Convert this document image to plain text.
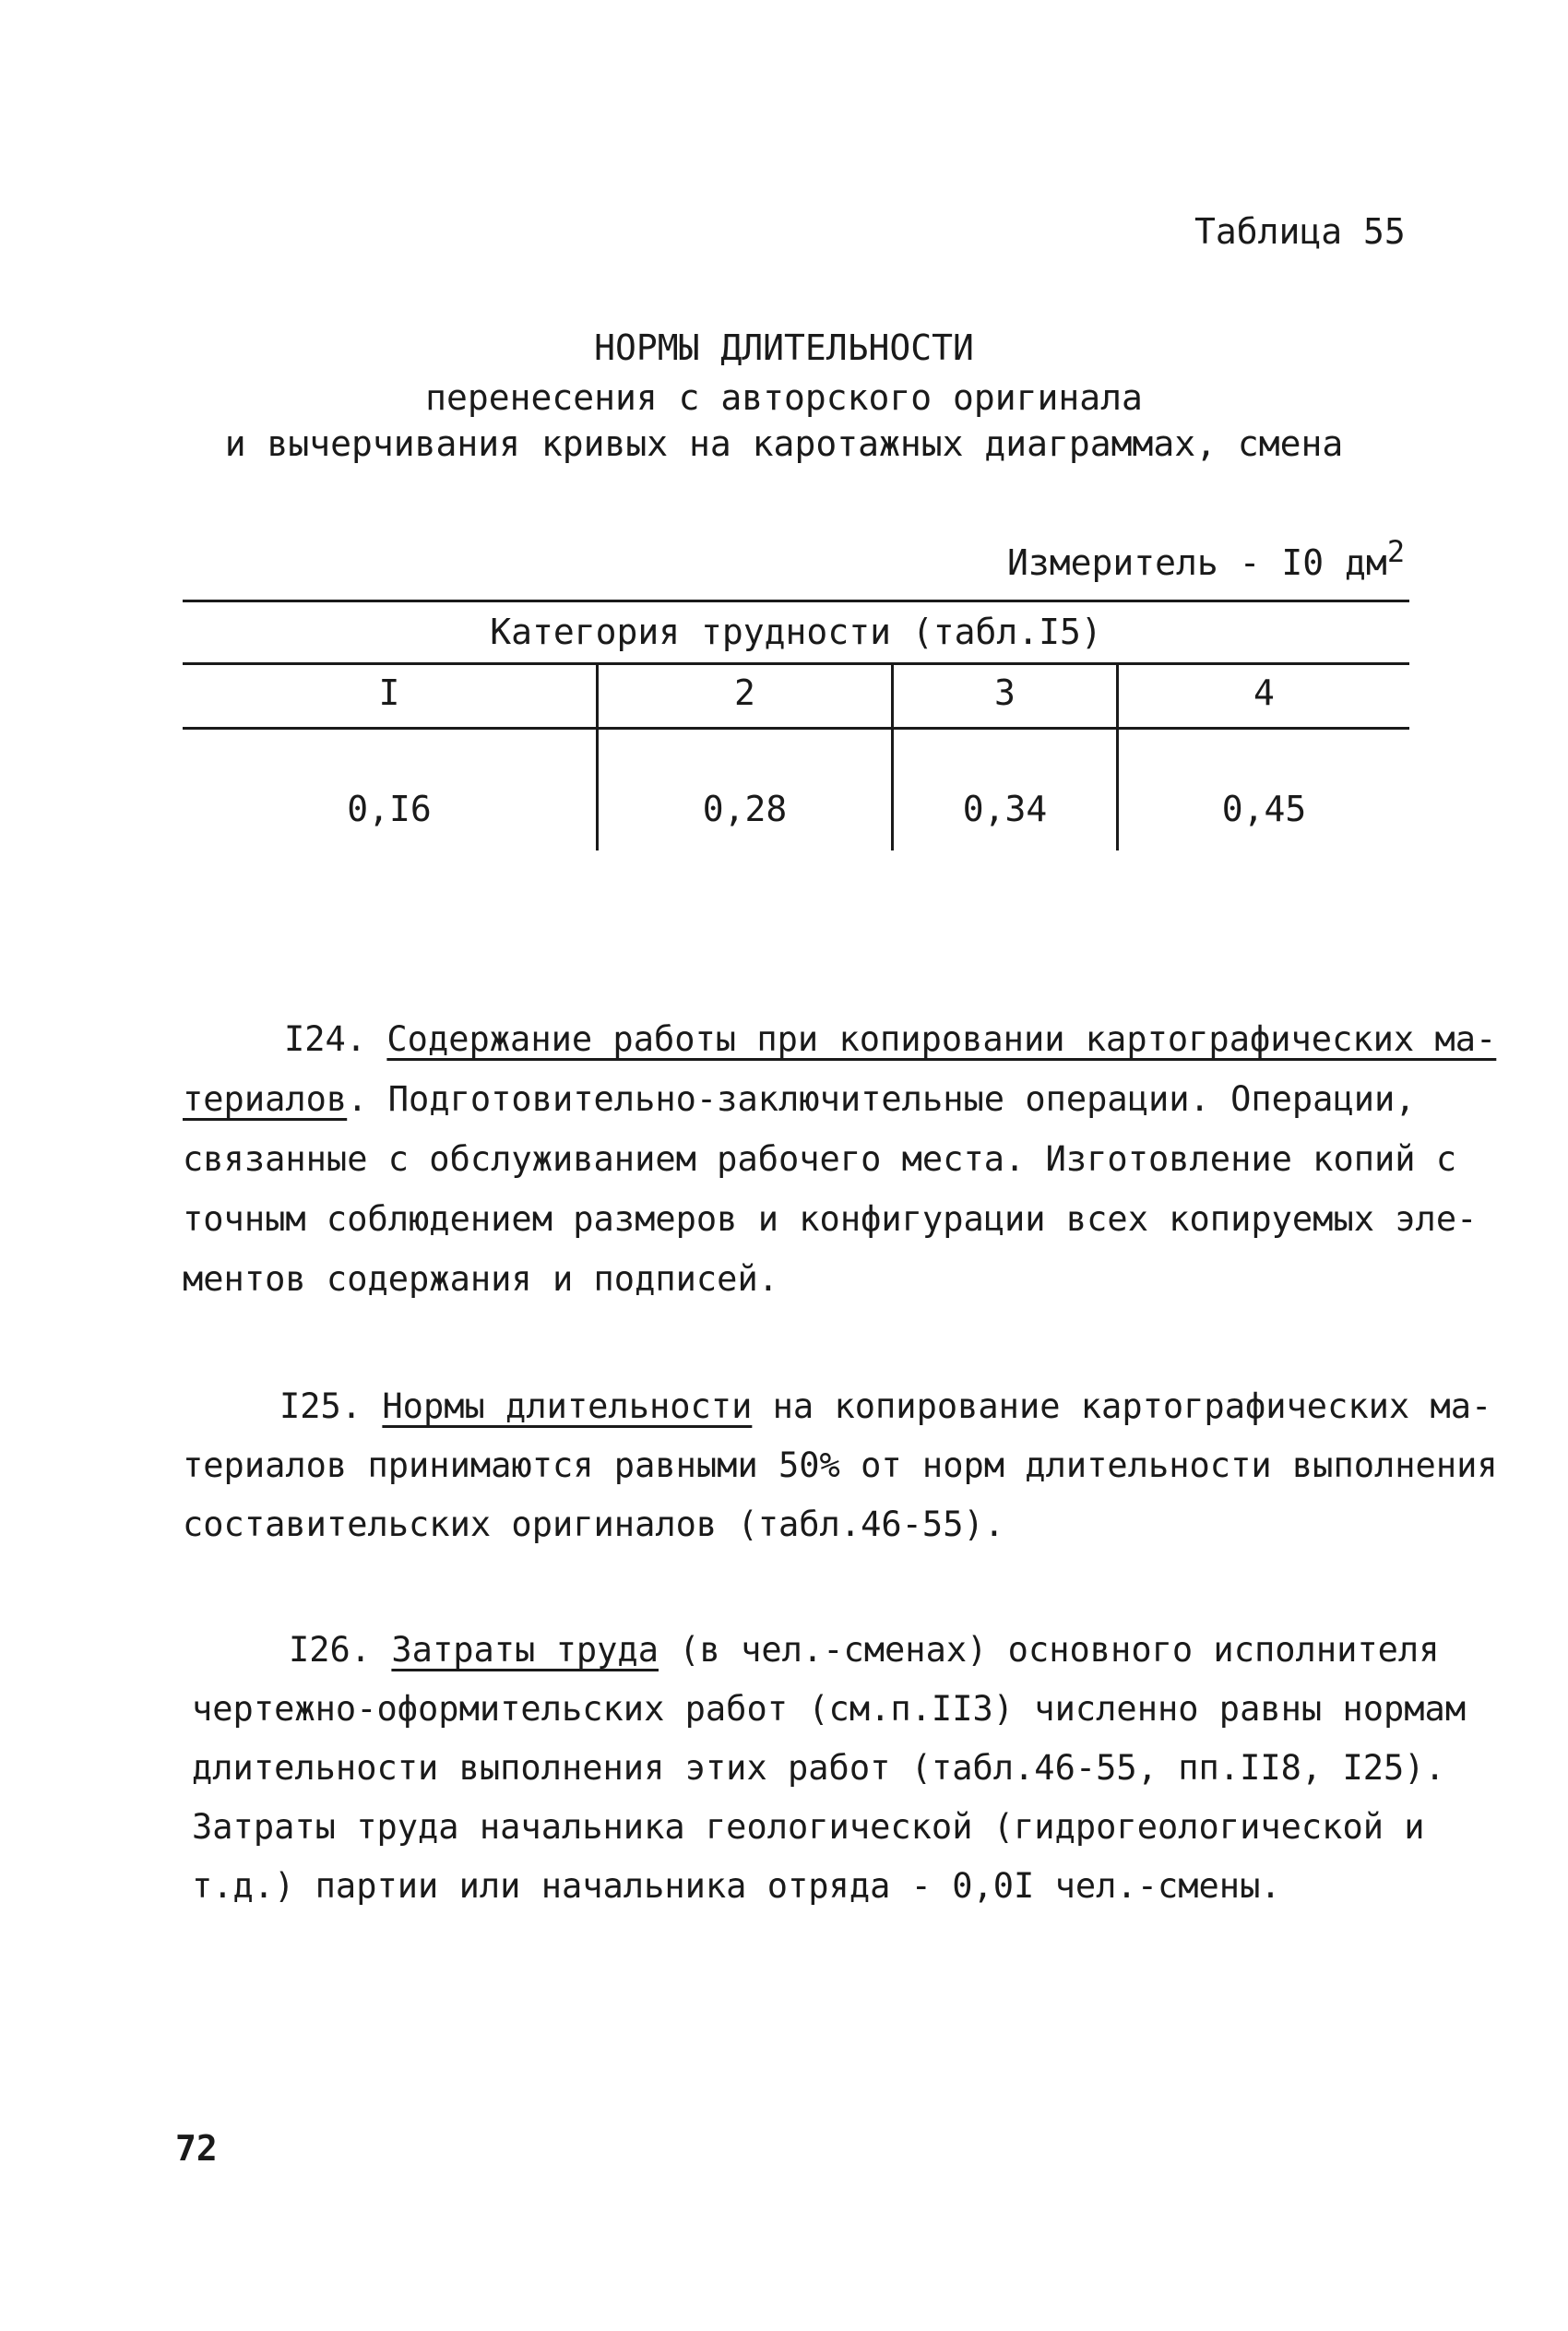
Таблица 55
НОРМЫ ДЛИТЕЛЬНОСТИ
перенесения с авторского оригинала
и вычерчивания кривых на каротажных диаграммах, смена
Измеритель - I0 $дм^2$
Категория трудности (табл.I5)
I	2	3	4
0,I6	0,28	0,34	0,45
I24. Содержание работы при копировании картографических ма-
териалов. Подготовительно-заключительные операции. Операции,
связанные с обслуживанием рабочего места. Изготовление копий с
точным соблюдением размеров и конфигурации всех копируемых эле-
ментов содержания и подписей.
I25. Нормы длительности на копирование картографических ма-
териалов принимаются равными 50% от норм длительности выполнения
составительских оригиналов (табл.46-55).
I26. Затраты труда (в чел.-сменах) основного исполнителя
чертежно-оформительских работ (см.п.II3) численно равны нормам
длительности выполнения этих работ (табл.46-55, пп.II8, I25).
Затраты труда начальника геологической (гидрогеологической и
т.д.) партии или начальника отряда - 0,0I чел.-смены.
72
